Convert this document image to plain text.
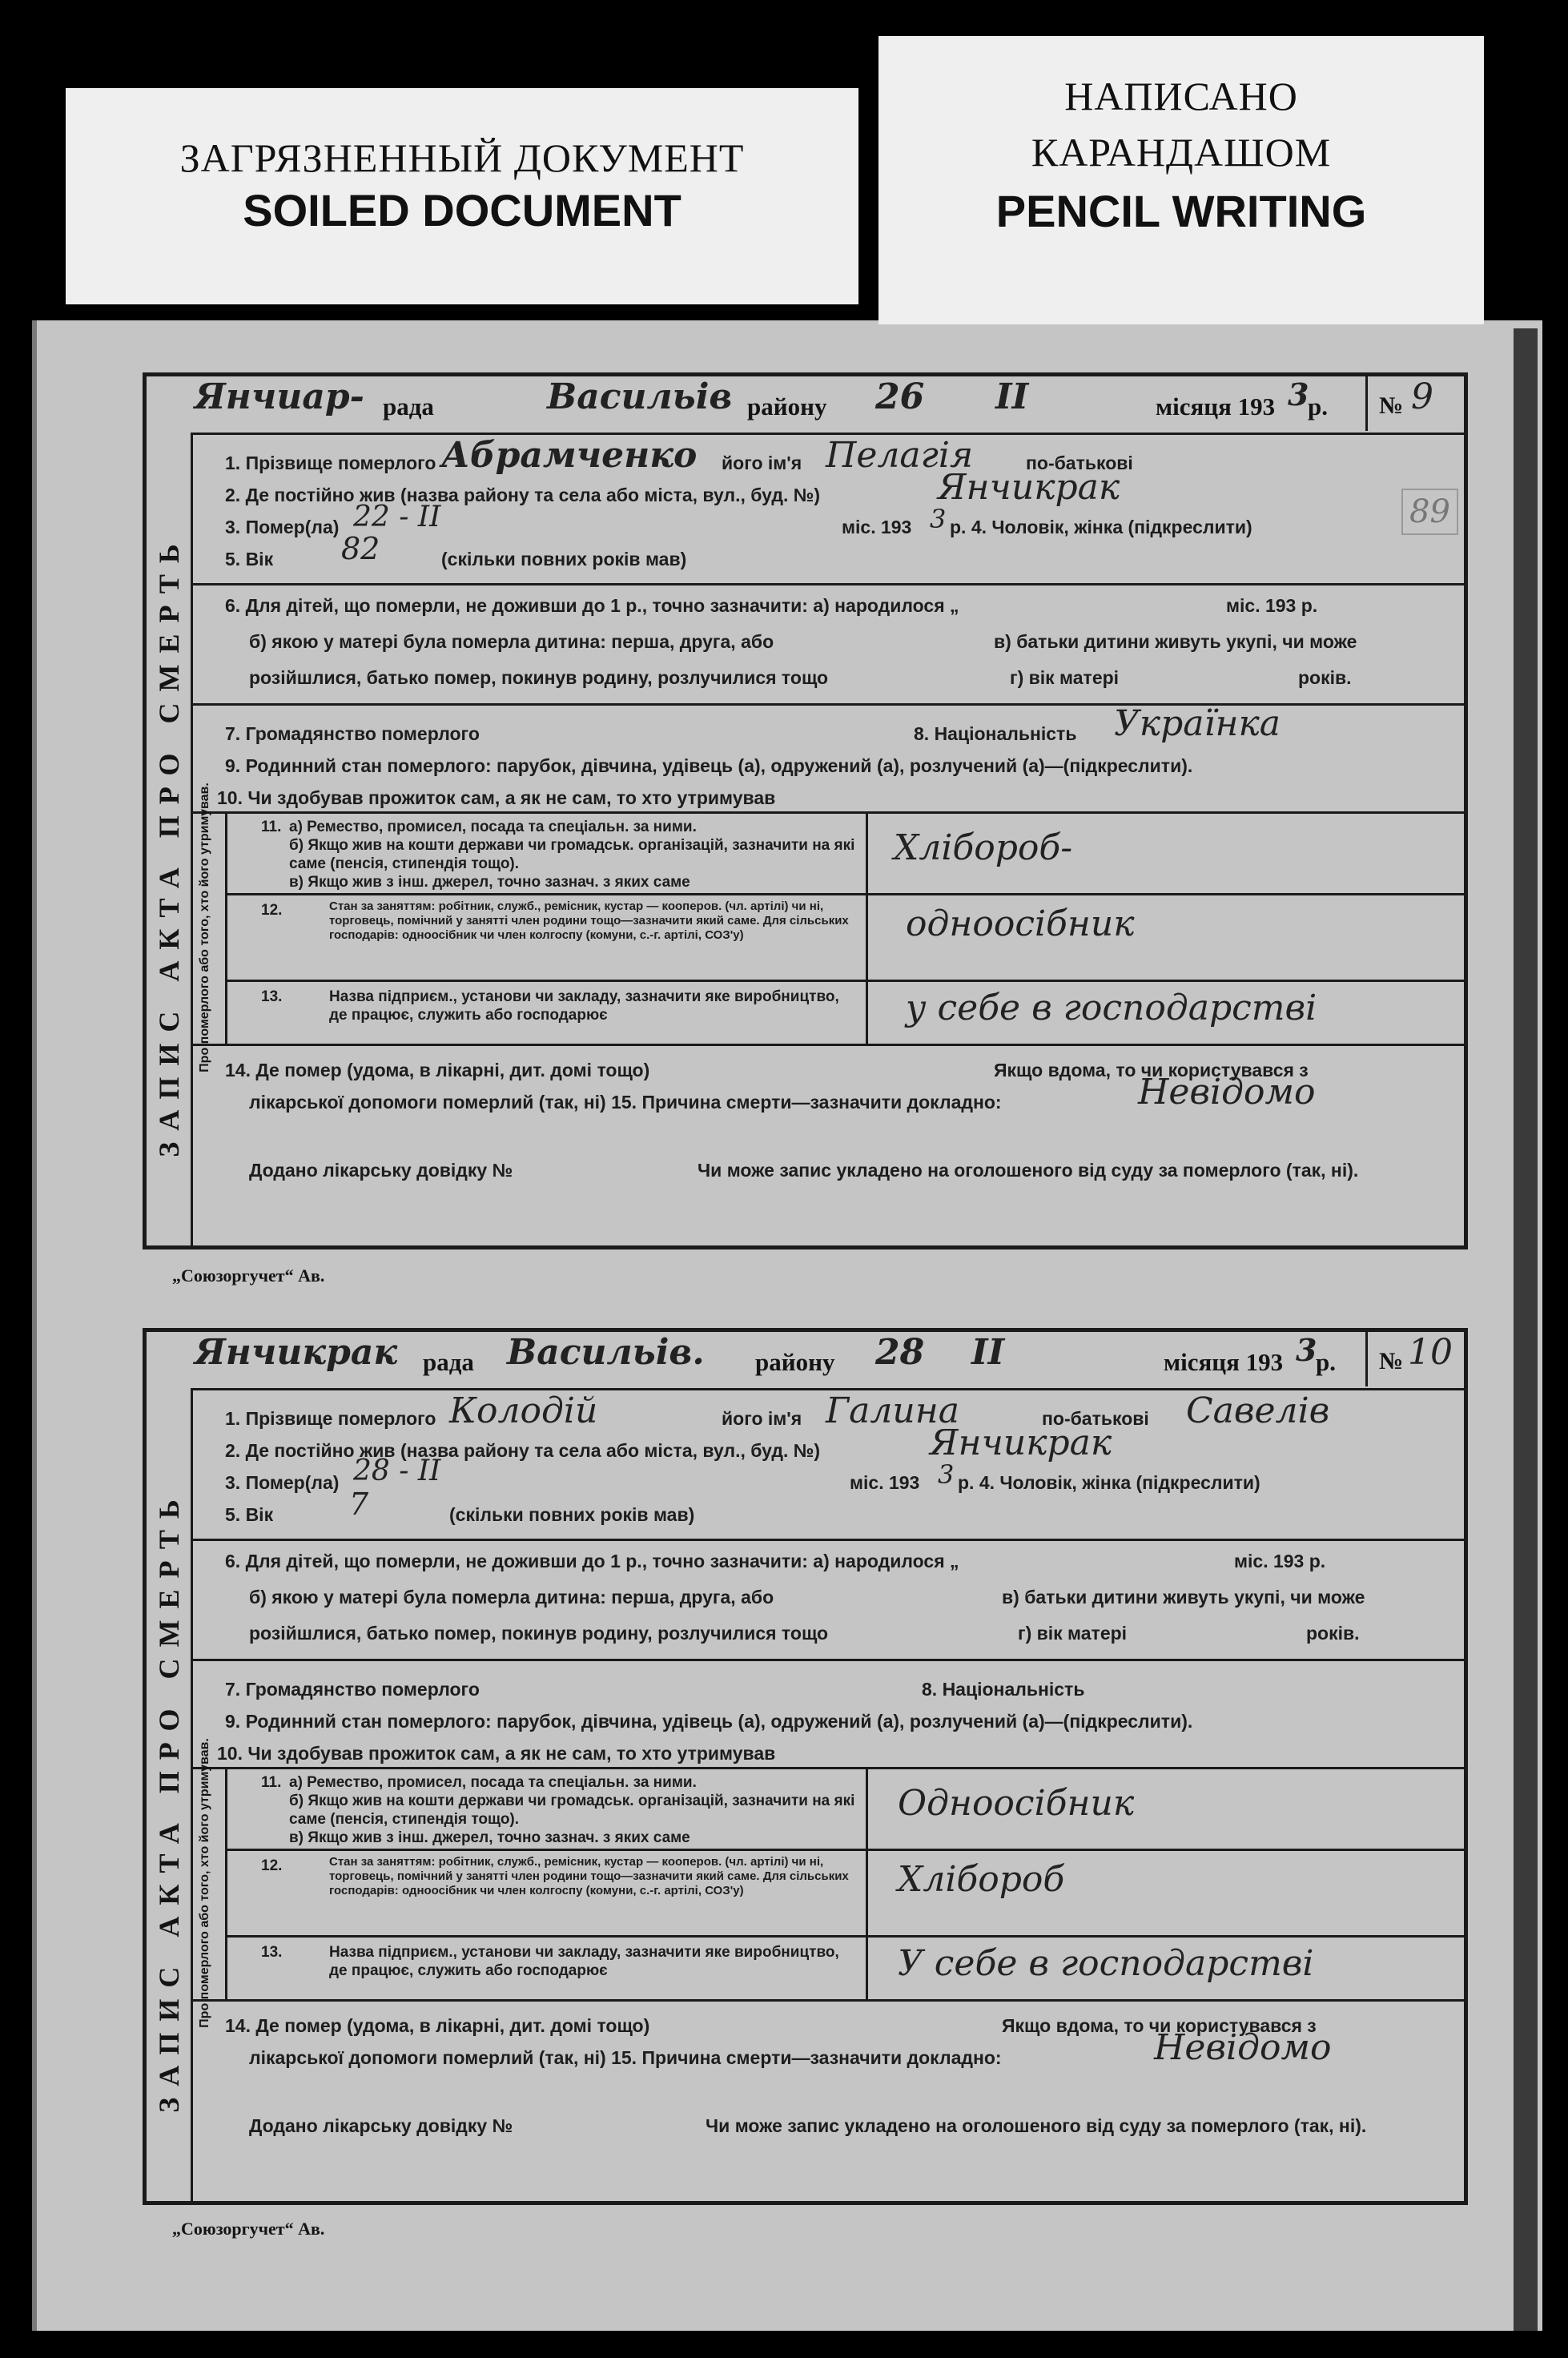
ЗАГРЯЗНЕННЫЙ ДОКУМЕНТ
SOILED DOCUMENT
НАПИСАНО
КАРАНДАШОМ
PENCIL WRITING
89
Янчиар- рада	Васильів району 26 II	місяця 193 3
р. № 9
ЗАПИС АКТА ПРО СМЕРТЬ
1. Прізвище померлого Абрамченко його ім'я Пелагія	по-батькові
2. Де постійно жив (назва району та села або міста, вул., буд. №)	Янчикрак
3. Помер(ла) 22 - II	міс. 193 3 р. 4. Чоловік, жінка (підкреслити)
5. Вік 82	(скільки повних років мав)
6. Для дітей, що померли, не доживши до 1 р., точно зазначити: а) народилося „	міс. 193 р.
б) якою у матері була померла дитина: перша, друга, або	в) батьки дитини живуть укупі, чи може
розійшлися, батько помер, покинув родину, розлучилися тощо	г) вік матері	років.
7. Громадянство померлого	8. Національність Українка
9. Родинний стан померлого: парубок, дівчина, удівець (а), одружений (а), розлучений (а)—(підкреслити).
10. Чи здобував прожиток сам, а як не сам, то хто утримував
Про померлого або того, хто його утримував.	11. а) Ремество, промисел, посада та спеціальн. за ними.
б) Якщо жив на кошти держави чи громадськ. організацій, зазначити на які саме (пенсія, стипендія тощо).
в) Якщо жив з інш. джерел, точно зазнач. з яких саме
Хлібороб-
12.	Стан за заняттям: робітник, служб., ремісник, кустар — кооперов. (чл. артілі) чи ні, торговець, помічний у занятті член родини тощо—зазначити який саме. Для сільських господарів: одноосібник чи член колгоспу (комуни, с.-г. артілі, СОЗ'у)	одноосібник
13.	Назва підприєм., установи чи закладу, зазначити яке виробництво, де працює, служить або господарює	у себе в господарстві
14. Де помер (удома, в лікарні, дит. домі тощо)	Якщо вдома, то чи користувався з
лікарської допомоги померлий (так, ні) 15. Причина смерти—зазначити докладно:	Невідомо
Додано лікарську довідку №	Чи може запис укладено на оголошеного від суду за померлого (так, ні).
„Союзоргучет“ Ав.
Янчикрак рада Васильів. району 28 II	місяця 193 3
р. № 10
ЗАПИС АКТА ПРО СМЕРТЬ
1. Прізвище померлого Колодій	його ім'я Галина	по-батькові Савелів
2. Де постійно жив (назва району та села або міста, вул., буд. №)	Янчикрак
3. Помер(ла) 28 - II	міс. 193 3 р. 4. Чоловік, жінка (підкреслити)
5. Вік 7	(скільки повних років мав)
6. Для дітей, що померли, не доживши до 1 р., точно зазначити: а) народилося „	міс. 193 р.
б) якою у матері була померла дитина: перша, друга, або	в) батьки дитини живуть укупі, чи може
розійшлися, батько помер, покинув родину, розлучилися тощо	г) вік матері	років.
7. Громадянство померлого	8. Національність
9. Родинний стан померлого: парубок, дівчина, удівець (а), одружений (а), розлучений (а)—(підкреслити).
10. Чи здобував прожиток сам, а як не сам, то хто утримував
Про померлого або того, хто його утримував.	11. а) Ремество, промисел, посада та спеціальн. за ними.
б) Якщо жив на кошти держави чи громадськ. організацій, зазначити на які саме (пенсія, стипендія тощо).
в) Якщо жив з інш. джерел, точно зазнач. з яких саме
Одноосібник
12.	Стан за заняттям: робітник, служб., ремісник, кустар — кооперов. (чл. артілі) чи ні, торговець, помічний у занятті член родини тощо—зазначити який саме. Для сільських господарів: одноосібник чи член колгоспу (комуни, с.-г. артілі, СОЗ'у)	Хлібороб
13.	Назва підприєм., установи чи закладу, зазначити яке виробництво, де працює, служить або господарює	У себе в господарстві
14. Де помер (удома, в лікарні, дит. домі тощо)	Якщо вдома, то чи користувався з
лікарської допомоги померлий (так, ні) 15. Причина смерти—зазначити докладно:	Невідомо
Додано лікарську довідку №	Чи може запис укладено на оголошеного від суду за померлого (так, ні).
„Союзоргучет“ Ав.
